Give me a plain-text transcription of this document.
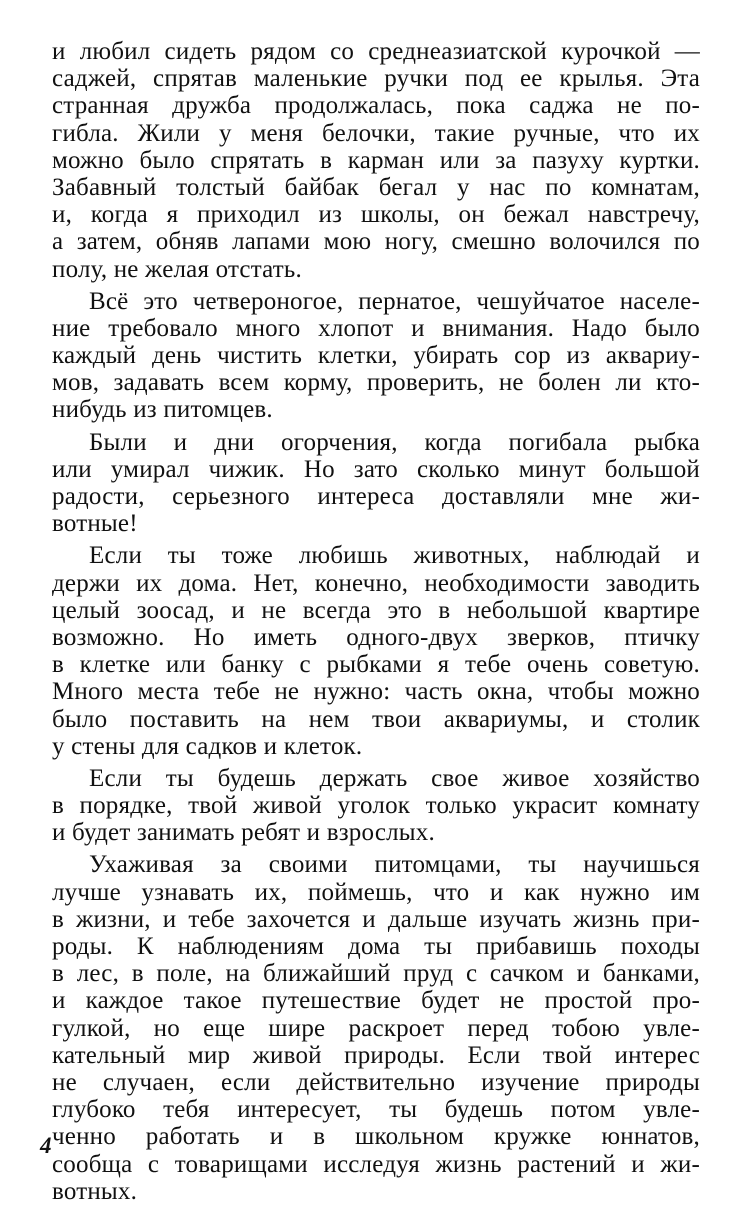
и любил сидеть рядом со среднеазиатской курочкой —
саджей, спрятав маленькие ручки под ее крылья. Эта
странная дружба продолжалась, пока саджа не по-
гибла. Жили у меня белочки, такие ручные, что их
можно было спрятать в карман или за пазуху куртки.
Забавный толстый байбак бегал у нас по комнатам,
и, когда я приходил из школы, он бежал навстречу,
а затем, обняв лапами мою ногу, смешно волочился по
полу, не желая отстать.
Всё это четвероногое, пернатое, чешуйчатое населе-
ние требовало много хлопот и внимания. Надо было
каждый день чистить клетки, убирать сор из аквариу-
мов, задавать всем корму, проверить, не болен ли кто-
нибудь из питомцев.
Были и дни огорчения, когда погибала рыбка
или умирал чижик. Но зато сколько минут большой
радости, серьезного интереса доставляли мне жи-
вотные!
Если ты тоже любишь животных, наблюдай и
держи их дома. Нет, конечно, необходимости заводить
целый зоосад, и не всегда это в небольшой квартире
возможно. Но иметь одного-двух зверков, птичку
в клетке или банку с рыбками я тебе очень советую.
Много места тебе не нужно: часть окна, чтобы можно
было поставить на нем твои аквариумы, и столик
у стены для садков и клеток.
Если ты будешь держать свое живое хозяйство
в порядке, твой живой уголок только украсит комнату
и будет занимать ребят и взрослых.
Ухаживая за своими питомцами, ты научишься
лучше узнавать их, поймешь, что и как нужно им
в жизни, и тебе захочется и дальше изучать жизнь при-
роды. К наблюдениям дома ты прибавишь походы
в лес, в поле, на ближайший пруд с сачком и банками,
и каждое такое путешествие будет не простой про-
гулкой, но еще шире раскроет перед тобою увле-
кательный мир живой природы. Если твой интерес
не случаен, если действительно изучение природы
глубоко тебя интересует, ты будешь потом увле-
ченно работать и в школьном кружке юннатов,
сообща с товарищами исследуя жизнь растений и жи-
вотных.
4
